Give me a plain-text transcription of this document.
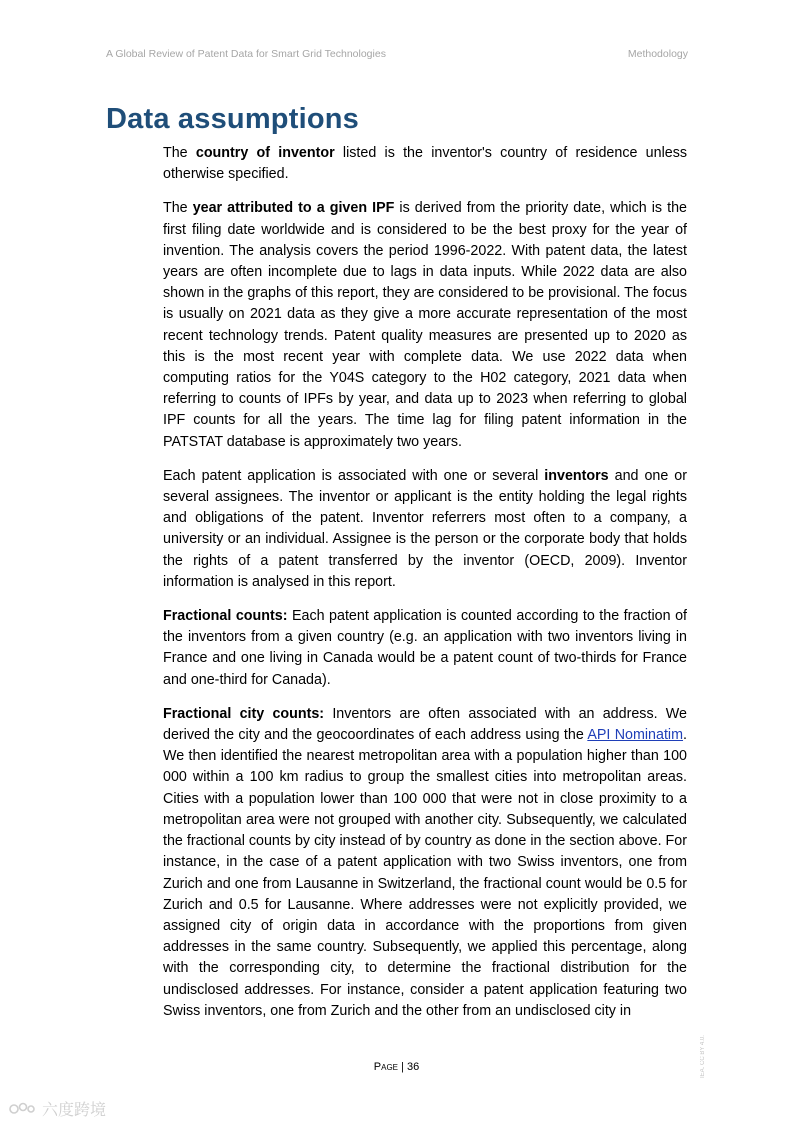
A Global Review of Patent Data for Smart Grid Technologies	Methodology
Data assumptions

The country of inventor listed is the inventor's country of residence unless otherwise specified.

The year attributed to a given IPF is derived from the priority date, which is the first filing date worldwide and is considered to be the best proxy for the year of invention. The analysis covers the period 1996-2022. With patent data, the latest years are often incomplete due to lags in data inputs. While 2022 data are also shown in the graphs of this report, they are considered to be provisional. The focus is usually on 2021 data as they give a more accurate representation of the most recent technology trends. Patent quality measures are presented up to 2020 as this is the most recent year with complete data. We use 2022 data when computing ratios for the Y04S category to the H02 category, 2021 data when referring to counts of IPFs by year, and data up to 2023 when referring to global IPF counts for all the years. The time lag for filing patent information in the PATSTAT database is approximately two years.

Each patent application is associated with one or several inventors and one or several assignees. The inventor or applicant is the entity holding the legal rights and obligations of the patent. Inventor referrers most often to a company, a university or an individual. Assignee is the person or the corporate body that holds the rights of a patent transferred by the inventor (OECD, 2009). Inventor information is analysed in this report.

Fractional counts: Each patent application is counted according to the fraction of the inventors from a given country (e.g. an application with two inventors living in France and one living in Canada would be a patent count of two-thirds for France and one-third for Canada).

Fractional city counts: Inventors are often associated with an address. We derived the city and the geocoordinates of each address using the API Nominatim. We then identified the nearest metropolitan area with a population higher than 100 000 within a 100 km radius to group the smallest cities into metropolitan areas. Cities with a population lower than 100 000 that were not in close proximity to a metropolitan area were not grouped with another city. Subsequently, we calculated the fractional counts by city instead of by country as done in the section above. For instance, in the case of a patent application with two Swiss inventors, one from Zurich and one from Lausanne in Switzerland, the fractional count would be 0.5 for Zurich and 0.5 for Lausanne. Where addresses were not explicitly provided, we assigned city of origin data in accordance with the proportions from given addresses in the same country. Subsequently, we applied this percentage, along with the corresponding city, to determine the fractional distribution for the undisclosed addresses. For instance, consider a patent application featuring two Swiss inventors, one from Zurich and the other from an undisclosed city in

Page | 36	IEA. CC BY 4.0.
六度跨境
